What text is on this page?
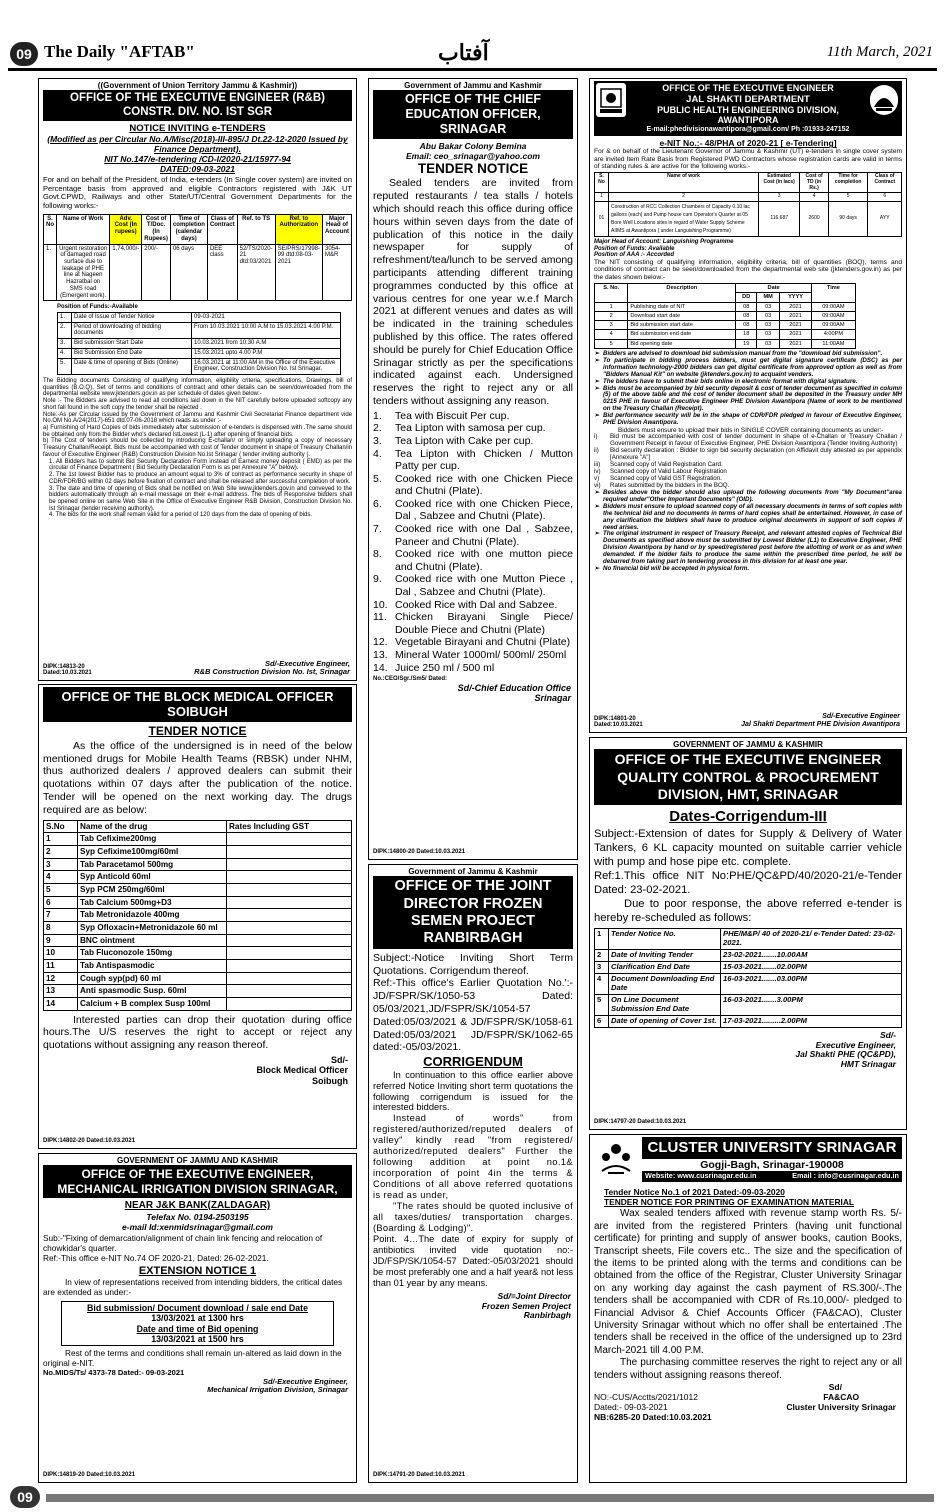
09 The Daily "AFTAB"	آفتاب	11th March, 2021
((Government of Union Territory Jammu & Kashmir))
OFFICE OF THE EXECUTIVE ENGINEER (R&B) CONSTR. DIV. NO. IST SGR
NOTICE INVITING e-TENDERS
(Modified as per Circular No.A/Misc(2018)-III-895/J Dt.22-12-2020 Issued by Finance Department).
NIT No.147/e-tendering /CD-I/2020-21/15977-94
DATED:09-03-2021
For and on behalf of the President, of India, e-tenders (In Single cover system) are invited on Percentage basis from approved and eligible Contractors registered with J&K UT Govt.CPWD, Railways and other State/UT/Central Government Departments for the following works:-
S. No	Name of Work	Adv. Cost (In rupees)	Cost of T/Doc. (In Rupees)	Time of completion (calendar days)	Class of Contract	Ref. to TS	Ref. to Authorization	Major Head of Account
1.	Urgent restoration of damaged road surface due to leakage of PHE line at Nageen Hazratbal on SMS road (Emergent work).	1,74,000/-	200/-	06 days	DEE class	52/TS/2020-21 dtd:03/2021	SE/PRS/17998-99 dtd:08-03-2021	3054-M&R
Position of Funds:-Available
1.	Date of Issue of Tender Notice	09-03-2021
2.	Period of downloading of bidding documents	From 10.03.2021 10:00 A.M to 15.03.2021 4.00 P.M.
3.	Bid submission Start Date	10.03.2021 from 10:30 A.M
4.	Bid Submission End Date	15.03.2021 upto 4.00 P.M
5.	Date & time of opening of Bids (Online)	16.03.2021 at 11:00 AM in the Office of the Executive Engineer, Construction Division No. Ist Srinagar.
The Bidding documents Consisting of qualifying information, eligibility criteria, specifications, Drawings, bill of quantities (B.O.Q), Set of terms and conditions of contract and other details can be seen/downloaded from the departmental website www.jktenders.gov.in as per schedule of dates given below:-
Note :- The Bidders are advised to read all conditions laid down in the NIT carefully before uploaded softcopy any short fall found in the soft copy the tender shall be rejected .
Note:-As per Circular issued by the Government of Jammu and Kashmir Civil Secretariat Finance department vide No.OM No.A/24(2017)-651 dtd.07-06-2018 which reads as under :-
a) Furnishing of Hard Copies of bids immediately after submission of e-tenders is dispensed with .The same should be obtained only from the Bidder who's declared lstLowest (L-1) after opening of financial bids.
b) The Cost of tenders should be collected by introducing E-challan/ or simply uploading a copy of necessary Treasury Challan/Receipt. Bids must be accompanied with cost of Tender document in shape of Treasury Challan/in favour of Executive Engineer (R&B) Construction Division No.Ist Srinagar ( tender inviting authority ).
1. All Bidders has to submit Bid Security Declaration Form instead of Earnest money deposit ( EMD) as per the circular of Finance Department ( Bid Security Declaration Form is as per Annexure "A" below).
2. The 1st lowest Bidder has to produce an amount equal to 3% of contract as performance security in shape of CDR/FDR/BG within 02 days before fixation of contract and shall be released after successful completion of work.
3. The date and time of opening of Bids shall be notified on Web Site www.jktenders.gov.in and conveyed to the bidders automatically through an e-mail message on their e-mail address. The bids of Responsive bidders shall be opened online on same Web Site in the Office of Executive Engineer R&B Division, Construction Division No. Ist Srinagar (tender receiving authority).
4. The bids for the work shall remain valid for a period of 120 days from the date of opening of bids.
DIPK:14813-20
Dated:10.03.2021
Sd/-Executive Engineer,
R&B Construction Division No. Ist, Srinagar
OFFICE OF THE BLOCK MEDICAL OFFICER SOIBUGH
TENDER NOTICE
As the office of the undersigned is in need of the below mentioned drugs for Mobile Health Teams (RBSK) under NHM, thus authorized dealers / approved dealers can submit their quotations within 07 days after the publication of the notice. Tender will be opened on the next working day. The drugs required are as below:
S.No	Name of the drug	Rates Including GST
1	Tab Cefixime200mg	
2	Syp Cefixime100mg/60ml	
3	Tab Paracetamol 500mg	
4	Syp Anticold 60ml	
5	Syp PCM 250mg/60ml	
6	Tab Calcium 500mg+D3	
7	Tab Metronidazole 400mg	
8	Syp Ofloxacin+Metronidazole 60 ml	
9	BNC ointment	
10	Tab Fluconozole 150mg	
11	Tab Antispasmodic	
12	Cough syp(pd) 60 ml	
13	Anti spasmodic Susp. 60ml	
14	Calcium + B complex Susp 100ml	
Interested parties can drop their quotation during office hours.The U/S reserves the right to accept or reject any quotations without assigning any reason thereof.
Sd/-
Block Medical Officer
Soibugh
DIPK:14802-20 Dated:10.03.2021
GOVERNMENT OF JAMMU AND KASHMIR
OFFICE OF THE EXECUTIVE ENGINEER, MECHANICAL IRRIGATION DIVISION SRINAGAR,
NEAR J&K BANK(ZALDAGAR)
Telefax No. 0194-2503195
e-mail Id:xenmidsrinagar@gmail.com
Sub:-"Fixing of demarcation/alignment of chain link fencing and relocation of chowkidar's quarter.
Ref:-This office e-NIT No.74 OF 2020-21, Dated: 26-02-2021.
EXTENSION NOTICE 1
In view of representations received from intending bidders, the critical dates are extended as under:-
Bid submission/ Document download / sale end Date
13/03/2021 at 1300 hrs
Date and time of Bid opening
13/03/2021 at 1500 hrs
Rest of the terms and conditions shall remain un-altered as laid down in the original e-NIT.
No.MIDS/Ts/ 4373-78 Dated:- 09-03-2021
Sd/-Executive Engineer,
Mechanical Irrigation Division, Srinagar
DIPK:14819-20 Dated:10.03.2021
Government of Jammu and Kashmir
OFFICE OF THE CHIEF EDUCATION OFFICER, SRINAGAR
Abu Bakar Colony Bemina
Email: ceo_srinagar@yahoo.com
TENDER NOTICE
Sealed tenders are invited from reputed restaurants / tea stalls / hotels which should reach this office during office hours within seven days from the date of publication of this notice in the daily newspaper for supply of refreshment/tea/lunch to be served among participants attending different training programmes conducted by this office at various centres for one year w.e.f March 2021 at different venues and dates as will be indicated in the training schedules published by this office. The rates offered should be purely for Chief Education Office Srinagar strictly as per the specifications indicated against each. Undersigned reserves the right to reject any or all tenders without assigning any reason.
1.	Tea with Biscuit Per cup.
2.	Tea Lipton with samosa per cup.
3.	Tea Lipton with Cake per cup.
4.	Tea Lipton with Chicken / Mutton Patty per cup.
5.	Cooked rice with one Chicken Piece and Chutni (Plate).
6.	Cooked rice with one Chicken Piece, Dal , Sabzee and Chutni (Plate).
7.	Cooked rice with one Dal , Sabzee, Paneer and Chutni (Plate).
8.	Cooked rice with one mutton piece and Chutni (Plate).
9.	Cooked rice with one Mutton Piece , Dal , Sabzee and Chutni (Plate).
10. Cooked Rice with Dal and Sabzee.
11. Chicken Birayani Single Piece/ Double Piece and Chutni (Plate)
12. Vegetable Birayani and Chutni (Plate)
13. Mineral Water 1000ml/ 500ml/ 250ml
14. Juice 250 ml / 500 ml
No.:CEO/Sgr./Sm5/ Dated:
Sd/-Chief Education Office
Srinagar
DIPK:14800-20 Dated:10.03.2021
Government of Jammu & Kashmir
OFFICE OF THE JOINT DIRECTOR FROZEN SEMEN PROJECT RANBIRBAGH
Subject:-Notice Inviting Short Term Quotations. Corrigendum thereof.
Ref:-This office's Earlier Quotation No.':- JD/FSPR/SK/1050-53 Dated: 05/03/2021,JD/FSPR/SK/1054-57 Dated:05/03/2021 & JD/FSPR/SK/1058-61 Dated:05/03/2021 JD/FSPR/SK/1062-65 dated:-05/03/2021.
CORRIGENDUM
In continuation to this office earlier above referred Notice Inviting short term quotations the following corrigendum is issued for the interested bidders.
Instead of words" from registered/authorized/reputed dealers of valley" kindly read "from registered/ authorized/reputed dealers" Further the following addition at point no.1& incorporation of point 4in the terms & Conditions of all above referred quotations is read as under,
"The rates should be quoted inclusive of all taxes/duties/ transportation charges. (Boarding & Lodging)".
Point. 4…The date of expiry for supply of antibiotics invited vide quotation no:- JD/FSP/SK/1054-57 Dated:-05/03/2021 should be most preferably one and a half year& not less than 01 year by any means.
Sd/=Joint Director
Frozen Semen Project
Ranbirbagh
DIPK:14791-20 Dated:10.03.2021
OFFICE OF THE EXECUTIVE ENGINEER
JAL SHAKTI DEPARTMENT
PUBLIC HEALTH ENGINEERING DIVISION, AWANTIPORA
E-mail:phedivisionawantipora@gmail.com/ Ph :01933-247152
e-NIT No.:- 48/PHA of 2020-21 [ e-Tendering]
For & on behalf of the Lieutenant Governor of Jammu & Kashmir (UT) e-tenders in single cover system are invited Item Rate Basis from Registered PWD Contractors whose registration cards are valid in terms of standing rules & are active for the following works:-
S. No	Name of work	Estimated Cost (in lacs)	Cost of TD (in Rs.)	Time for completion	Class of Contract
1	2	3	4	5	6
01	Construction of RCC Collection Chambers of Capacity 0.10 lac gallons (each) and Pump house cum Operator's Quarter at 05 Bore Well Locations sites in regard of Water Supply Scheme AIIMS at Awantipora ( under Languishing Programme)	116.687	2600	90 days	AYY
Major Head of Account: Languishing Programme
Position of Funds: Available
Position of AAA :- Accorded
The NIT consisting of qualifying information, eligibility criteria, bill of quantities (BOQ), terms and conditions of contract can be seen/downloaded from the departmental web site (jktenders.gov.in) as per the dates shown below:-
S. No.	Description	Date			Time
		DD	MM	YYYY	
1	Publishing date of NIT	08	03	2021	09:00AM
2	Download start date	08	03	2021	09:00AM
3	Bid submission start date	08	03	2021	09:00AM
4	Bid submission end date	18	03	2021	4:00PM
5	Bid opening date	19	03	2021	11:00AM
➢ Bidders are advised to download bid submission manual from the "download bid submission".
➢ To participate in bidding process bidders, must get digital signature certificate (DSC) as per information technology-2000 bidders can get digital certificate from approved option as well as from "Bidders Manual Kit" on website (jktenders.gov.in) to acquaint venders.
➢ The bidders have to submit their bids online in electronic format with digital signature.
➢ Bids must be accompanied by bid security deposit & cost of tender document as specified in column (5) of the above table and the cost of tender document shall be deposited in the Treasury under MH 0215 PHE in favour of Executive Engineer PHE Division Awantipora (Name of work to be mentioned on the Treasury Challan (Receipt).
➢ Bid performance security will be in the shape of CDR/FDR pledged in favour of Executive Engineer, PHE Division Awantipora.
Bidders must ensure to upload their bids in SINGLE COVER containing documents as under:-
i)	Bid must be accompanied with cost of tender document in shape of e-Challan or Treasury Challan / Government Receipt in favour of Executive Engineer, PHE Division Awantipora (Tender Inviting Authority)
ii)	Bid security declaration : Bidder to sign bid security declaration (on Affidavit duly attested as per appendix [Annexure "A"]
iii)	Scanned copy of Valid Registration Card.
iv)	Scanned copy of Valid Labour Registration
v)	Scanned copy of Valid GST Registration.
vi)	Rates submitted by the bidders in the BOQ.
➢ Besides above the bidder should also upload the following documents from "My Document"area required under"Other Important Documents" (OID).
➢ Bidders must ensure to upload scanned copy of all necessary documents in terms of soft copies with the technical bid and no documents in terms of hard copies shall be entertained. However, in case of any clarification the bidders shall have to produce original documents in support of soft copies if need arises.
➢ The original instrument in respect of Treasury Receipt, and relevant attested copies of Technical Bid Documents as specified above must be submitted by Lowest Bidder (L1) to Executive Engineer, PHE Division Awantipora by hand or by speed/registered post before the allotting of work or as and when demanded. If the bidder fails to produce the same within the prescribed time period, he will be debarred from taking part in tendering process in this division for at least one year.
➢ No financial bid will be accepted in physical form.
DIPK:14801-20
Dated:10.03.2021
Sd/-Executive Engineer
Jal Shakti Department PHE Division Awantipora
GOVERNMENT OF JAMMU & KASHMIR
OFFICE OF THE EXECUTIVE ENGINEER QUALITY CONTROL & PROCUREMENT DIVISION, HMT, SRINAGAR
Dates-Corrigendum-III
Subject:-Extension of dates for Supply & Delivery of Water Tankers, 6 KL capacity mounted on suitable carrier vehicle with pump and hose pipe etc. complete.
Ref:1.This office NIT No:PHE/QC&PD/40/2020-21/e-Tender Dated: 23-02-2021.
Due to poor response, the above referred e-tender is hereby re-scheduled as follows:
1	Tender Notice No.	PHE/M&P/ 40 of 2020-21/ e-Tender Dated: 23-02-2021.
2	Date of Inviting Tender	23-02-2021.......10.00AM
3	Clarification End Date	15-03-2021.......02.00PM
4	Document Downloading End Date	16-03-2021.......03.00PM
5	On Line Document Submission End Date	16-03-2021.......3.00PM
6	Date of opening of Cover 1st.	17-03-2021.........2.00PM
Sd/-
Executive Engineer,
Jal Shakti PHE (QC&PD),
HMT Srinagar
DIPK:14797-20 Dated:10.03.2021
CLUSTER UNIVERSITY SRINAGAR
Gogji-Bagh, Srinagar-190008
Website: www.cusrinagar.edu.in	Email : info@cusrinagar.edu.in
Tender Notice No.1 of 2021 Dated:-09-03-2020
TENDER NOTICE FOR PRINTING OF EXAMINATION MATERIAL
Wax sealed tenders affixed with revenue stamp worth Rs. 5/- are invited from the registered Printers (having unit functional certificate) for printing and supply of answer books, caution Books, Transcript sheets, File covers etc.. The size and the specification of the items to be printed along with the terms and conditions can be obtained from the office of the Registrar, Cluster University Srinagar on any working day against the cash payment of RS.300/-.The tenders shall be accompanied with CDR of Rs.10,000/- pledged to Financial Advisor & Chief Accounts Officer (FA&CAO), Cluster University Srinagar without which no offer shall be entertained .The tenders shall be received in the office of the undersigned up to 23rd March-2021 till 4.00 P.M.
The purchasing committee reserves the right to reject any or all tenders without assigning reasons thereof.
Sd/
NO:-CUS/Acctts/2021/1012
Dated:- 09-03-2021
NB:6285-20 Dated:10.03.2021
FA&CAO
Cluster University Srinagar
09
